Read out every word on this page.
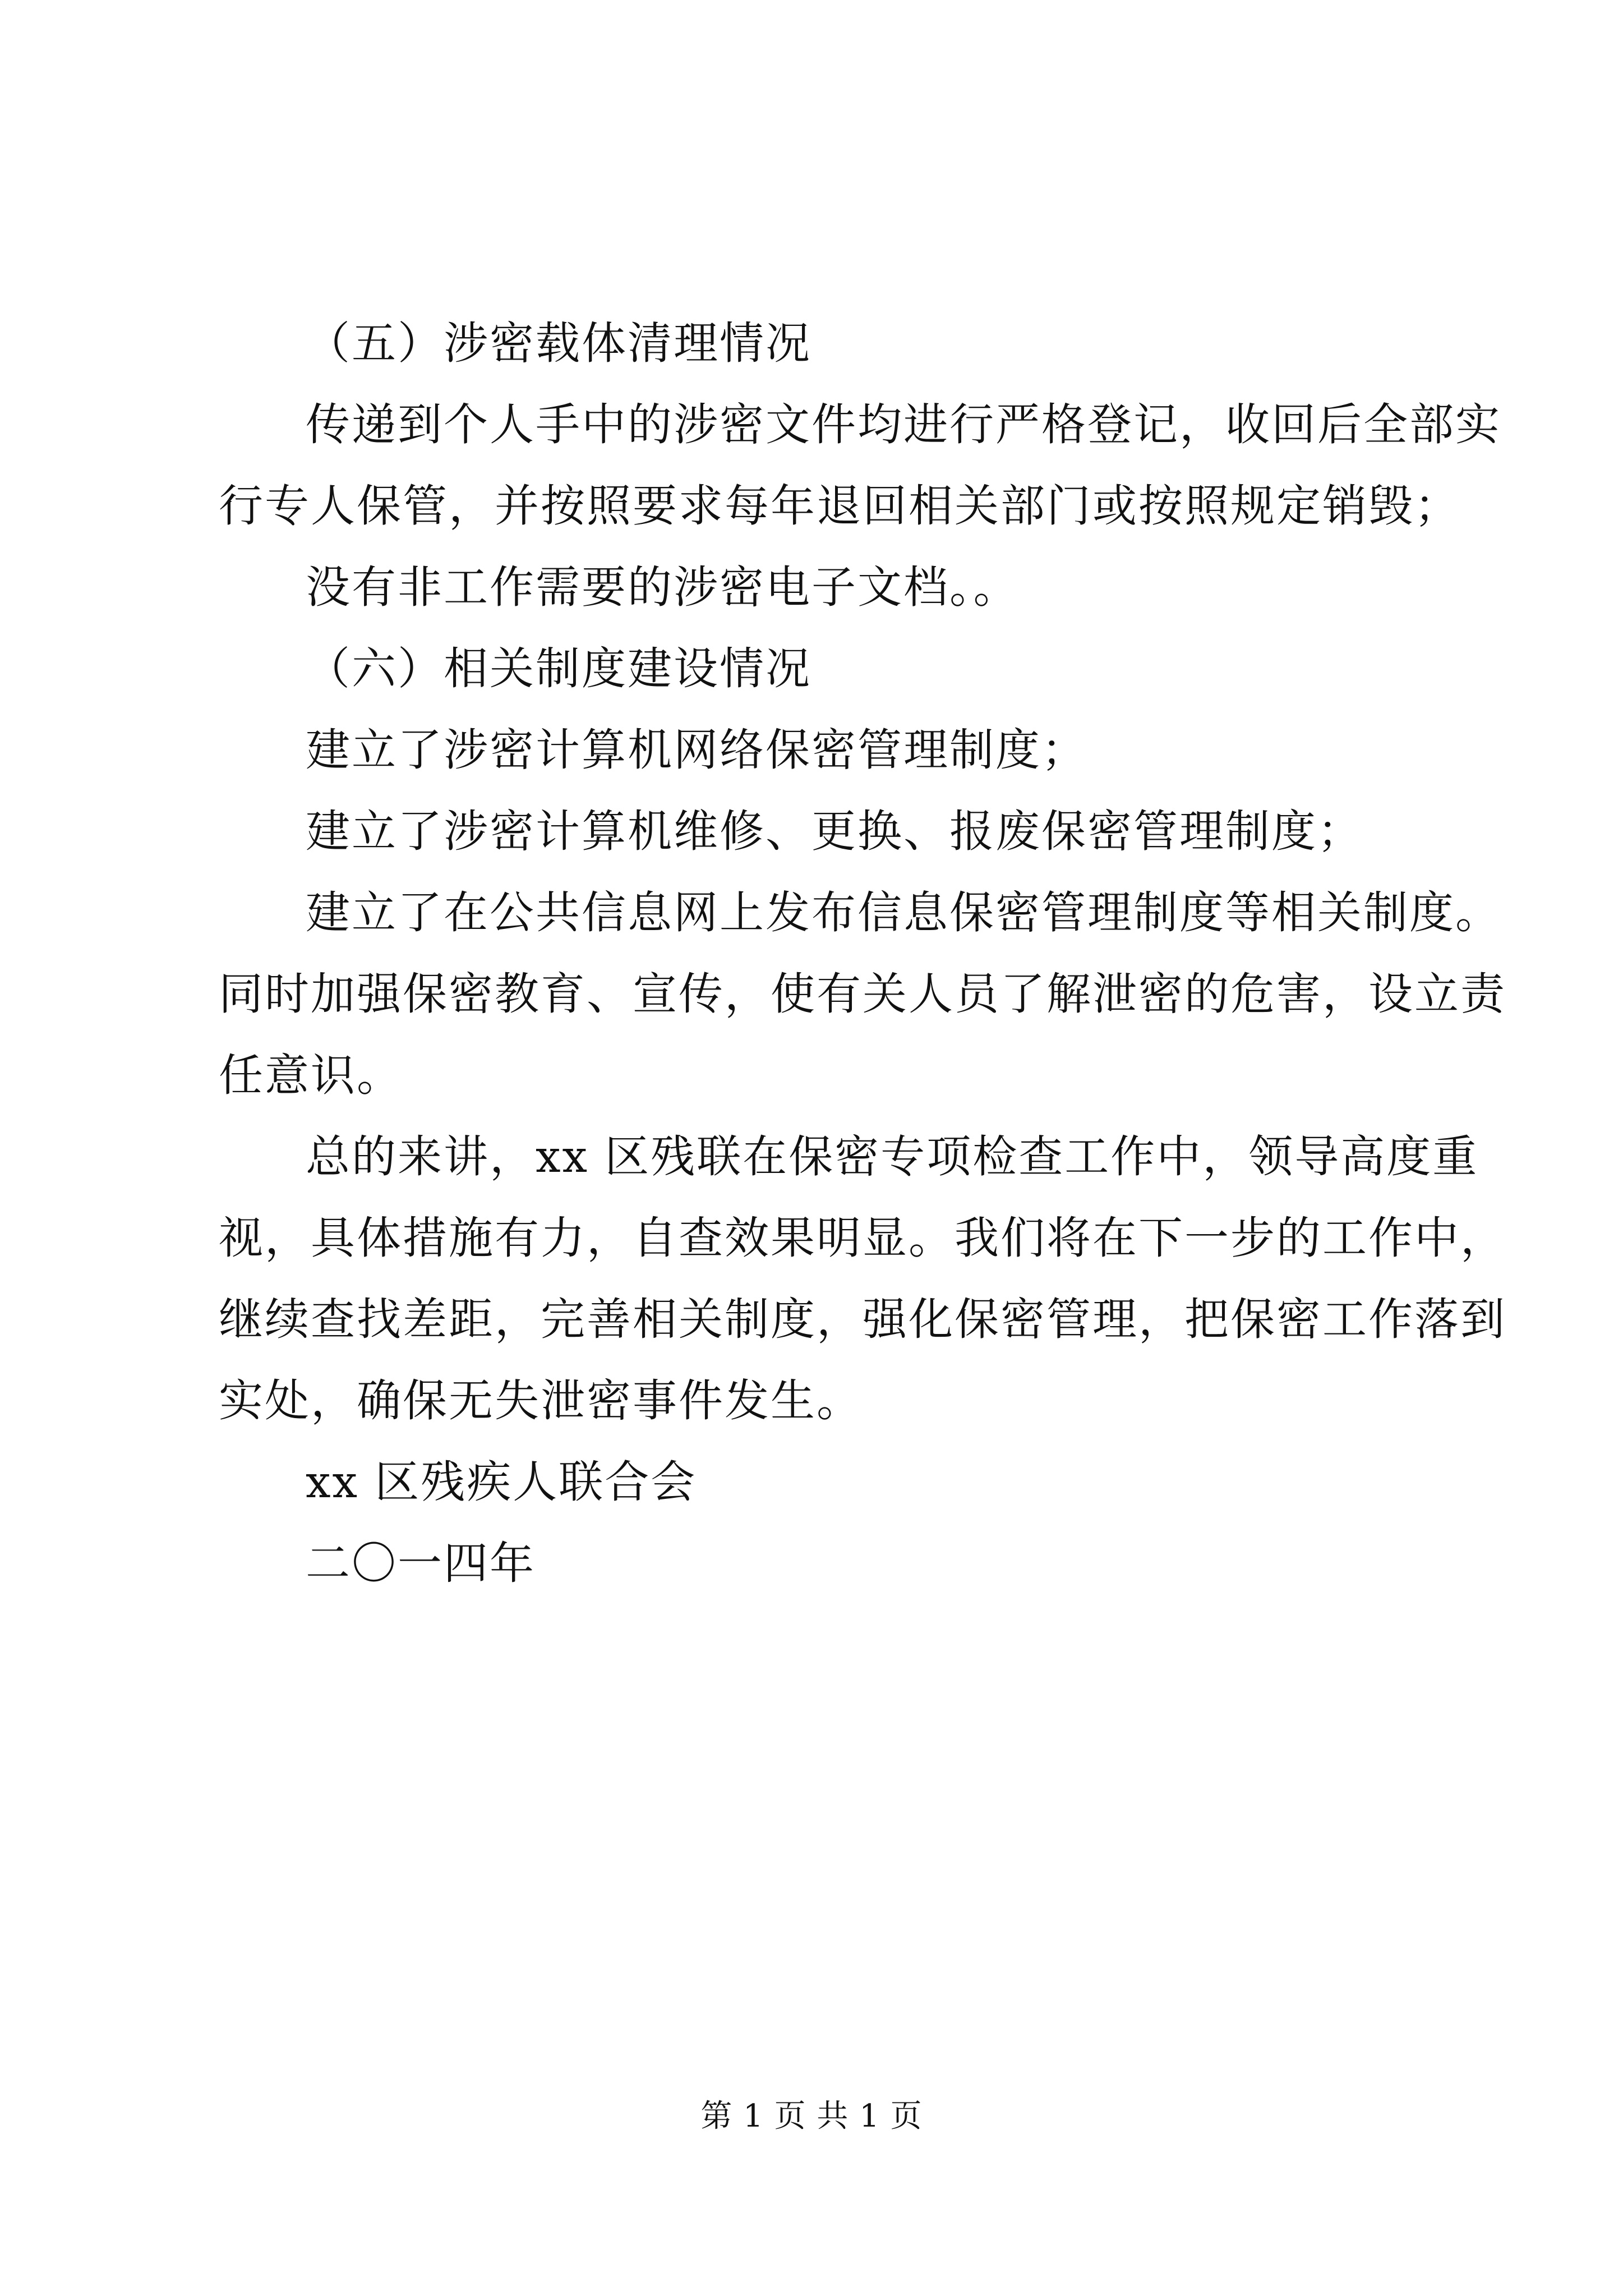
（五）涉密载体清理情况
传递到个人手中的涉密文件均进行严格登记，收回后全部实
行专人保管，并按照要求每年退回相关部门或按照规定销毁；
没有非工作需要的涉密电子文档。。
（六）相关制度建设情况
建立了涉密计算机网络保密管理制度；
建立了涉密计算机维修、更换、报废保密管理制度；
建立了在公共信息网上发布信息保密管理制度等相关制度。
同时加强保密教育、宣传，使有关人员了解泄密的危害，设立责
任意识。
总的来讲，xx 区残联在保密专项检查工作中，领导高度重
视，具体措施有力，自查效果明显。我们将在下一步的工作中，
继续查找差距，完善相关制度，强化保密管理，把保密工作落到
实处，确保无失泄密事件发生。
xx 区残疾人联合会
二〇一四年
第 1 页 共 1 页
